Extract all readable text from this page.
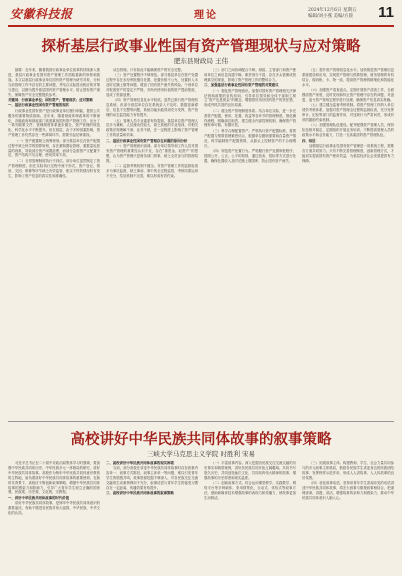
安徽科技报	理论	2024年12月6日 星期五
编辑/刘小燕 美编/方晨 11
探析基层行政事业性国有资产管理现状与应对策略
肥东县财政局 王伟

摘要：近年来，随着我国行政事业单位改革的持续深入推进，基层行政事业性国有资产管理工作面临着新的形势和挑战。本文以基层行政事业单位国有资产管理为研究对象，分析当前管理工作中存在的主要问题，并结合实际提出相应的对策与建议，以期为提升基层国有资产管理水平、防止国有资产流失、保障资产安全完整提供参考。

关键词：行政事业单位；国有资产；管理现状；应对策略

一、基层行政事业性国有资产管理的现状

行政事业性国有资产是行政事业单位履行职能、提供公共服务的重要物质基础。近年来，随着财政体制改革的不断深化，各级政府和财政部门高度重视国有资产管理工作，出台了一系列政策文件，管理制度体系逐步健全，资产管理的规范化、科学化水平不断提升。但在基层，由于多种因素影响，资产管理工作仍然存在一些薄弱环节，需要引起足够重视。

（一）资产配置缺乏统筹规划。部分基层单位在资产配置过程中缺乏科学的预算规划，存在重购置轻管理、重数量轻质量的现象，导致部分资产闲置浪费，而部分急需资产又配置不足，资产结构不尽合理，使用效率不高。

（二）日常管理制度执行不到位。部分单位虽然制定了资产管理制度，但在实际执行过程中流于形式，资产登记、领用、交回、维修等环节缺乏有效监管，账实不符的情况时有发生，影响了资产信息的真实性和准确性。

动态管理。只有如此才能确保资产的安全完整。

（三）资产处置程序不够规范。部分基层单位在资产处置过程中存在未经审批擅自处置、处置价格不公允、处置收入未及时足额上缴等问题，增加了国有资产流失的风险。个别单位对报废资产的鉴定不严格，对尚有使用价值的资产提前报废，造成了资源浪费。

（四）资产管理信息化水平较低。虽然已推行资产管理信息系统，但部分基层单位存在系统录入不及时、数据更新滞后、信息不完整等问题，系统功能未能得到充分发挥，资产管理的动态监控能力有待提升。

（五）管理人员专业素质有待提高。基层单位资产管理人员多为兼职，人员流动性较大，缺乏系统的专业培训，对相关政策法规理解不深、业务不熟，在一定程度上影响了资产管理工作的质量和效率。

二、基层行政事业性国有资产管理存在问题的原因分析

（一）资产管理意识淡薄。部分单位领导和工作人员对国有资产管理的重要性认识不足，存在“重资金、轻资产”的思想，认为资产管理只是财务部门的事，缺乏全员参与的管理氛围。

（二）监督考核机制不健全。对资产管理工作的监督检查多为事后监督，缺乏事前、事中的全过程监管，考核结果运用不充分，奖惩机制不完善，难以形成有效约束。

（三）部门之间协调配合不够。财政、主管部门和资产使用单位之间信息沟通不畅，职责划分不清，存在多头管理或管理真空的现象，影响了资产管理工作的整体合力。

三、加强基层行政事业性国有资产管理的对策建议

（一）强化资产管理意识。加强对国有资产管理相关法律法规和政策的宣传培训，引导单位领导和全体干部职工树立“资产也是资金”的理念，增强管好用好国有资产的责任感，形成齐抓共管的良好局面。

（二）健全资产管理制度体系。结合单位实际，进一步完善资产配置、使用、处置、收益等各环节的管理制度，细化操作流程，明确岗位职责，建立健全内部控制机制，确保资产管理有章可循、有据可依。

（三）科学合理配置资产。严格执行资产配置标准，将资产配置与预算管理紧密结合，根据单位履职需要和存量资产情况，科学编制资产配置预算，从源头上控制资产的不合理增长。

（四）规范资产处置行为。严格履行资产处置审批程序，按照公开、公正、公平的原则，通过拍卖、招标等方式进行处置，确保处置收入及时足额上缴国库，防止国有资产流失。

（五）提升资产管理信息化水平。加快推进资产管理信息系统建设和应用，实现资产管理与预算管理、财务管理的有机结合，做到账、卡、物一致，提高资产管理的精细化和智能化水平。

（六）加强资产清查盘点。定期开展资产清查工作，全面摸清资产家底，及时发现和纠正资产管理中存在的问题，对盘盈、盘亏资产按规定程序进行处理，确保资产信息真实准确。

（七）建立健全监督考核机制。将资产管理工作纳入单位绩效考核体系，加强对资产管理全过程的监督检查，充分发挥审计、纪检等部门的监督作用，对违规行为严肃问责，形成有效的激励约束机制。

（八）加强管理队伍建设。配齐配强资产管理人员，保持队伍相对稳定，定期组织开展业务培训，不断提高管理人员的政策水平和业务能力，打造一支高素质的资产管理队伍。

四、结语

加强基层行政事业性国有资产管理是一项系统工程，需要各方面共同努力。只有不断完善管理制度，创新管理方式，才能切实提高国有资产使用效益，为基层经济社会发展提供有力保障。

高校讲好中华民族共同体故事的叙事策略
三峡大学马克思主义学院 时胜利 宋易

习近平总书记在二十届中央政治局集体学习时强调，要加强中华民族共同体历史、中华民族多元一体格局的研究，讲好中华民族共同体故事。高校作为铸牢中华民族共同体意识教育的主阵地，肩负着讲好中华民族共同体故事的重要使命。在新时代背景下，高校应不断创新叙事策略，增强中华民族共同体故事的感染力和影响力，引导广大青年学生树立正确的国家观、民族观、历史观、文化观、宗教观。

一、讲好中华民族共同体故事的时代价值

讲好中华民族共同体故事，是铸牢中华民族共同体意识的重要途径，有助于增进各民族对伟大祖国、中华民族、中华文化的认同。

二、高校讲好中华民族共同体故事的现实困境

当前，部分高校在讲述中华民族共同体故事时存在叙事内容单一、叙事方式陈旧、叙事主体单一等问题，难以引发青年学生的情感共鸣。故事资源挖掘不够深入，对各民族交往交流交融的生动案例利用不充分，叙事话语与青年学生的接受习惯存在一定距离，传播效果有待提升。

三、高校讲好中华民族共同体故事的叙事策略

（一）丰富叙事内容。深入挖掘各民族交往交流交融的历史事实和典型案例，讲好各民族共同开拓辽阔疆域、共同书写悠久历史、共同创造灿烂文化、共同培育伟大精神的故事，增强故事的历史厚度和现实温度。

（二）创新叙事方式。综合运用课堂教学、实践教学、网络平台等多种载体，采用情景化、互动式、体验式等叙事方法，借助新媒体技术增强故事的表现力和传播力，使故事更加生动鲜活。

（三）拓展叙事主体。构建教师、学生、社会力量共同参与的多元叙事主体格局，鼓励各民族学生讲述身边的民族团结故事，发挥榜样示范作用，形成人人讲故事、人人传故事的良好氛围。

（四）优化叙事话语。坚持用青年学生喜闻乐见的话语讲述中华民族共同体故事，将宏大叙事与微观叙事相结合，把道理讲深、讲透、讲活，增强故事的亲和力和感染力，推动中华民族共同体意识入脑入心。
